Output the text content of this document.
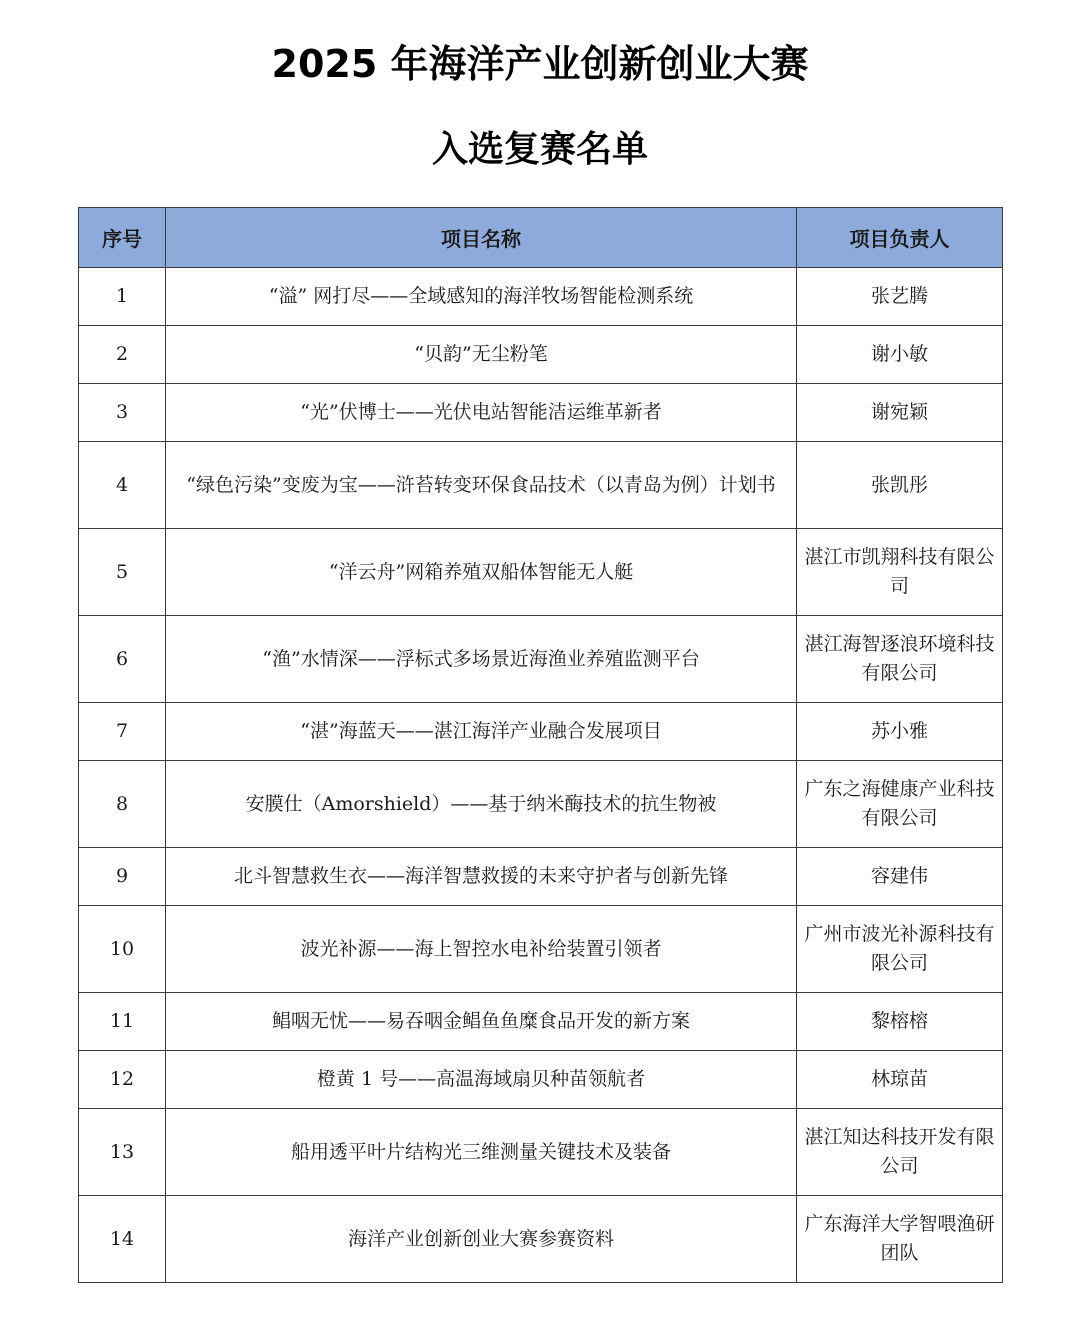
2025 年海洋产业创新创业大赛
入选复赛名单
序号	项目名称	项目负责人
1	“溢” 网打尽——全域感知的海洋牧场智能检测系统	张艺腾
2	“贝韵”无尘粉笔	谢小敏
3	“光”伏博士——光伏电站智能洁运维革新者	谢宛颖
4	“绿色污染”变废为宝——浒苔转变环保食品技术（以青岛为例）计划书	张凯彤
5	“洋云舟”网箱养殖双船体智能无人艇	湛江市凯翔科技有限公司
6	“渔”水情深——浮标式多场景近海渔业养殖监测平台	湛江海智逐浪环境科技有限公司
7	“湛”海蓝天——湛江海洋产业融合发展项目	苏小雅
8	安膜仕（Amorshield）——基于纳米酶技术的抗生物被	广东之海健康产业科技有限公司
9	北斗智慧救生衣——海洋智慧救援的未来守护者与创新先锋	容建伟
10	波光补源——海上智控水电补给装置引领者	广州市波光补源科技有限公司
11	鲳咽无忧——易吞咽金鲳鱼鱼糜食品开发的新方案	黎榕榕
12	橙黄 1 号——高温海域扇贝种苗领航者	林琼苗
13	船用透平叶片结构光三维测量关键技术及装备	湛江知达科技开发有限公司
14	海洋产业创新创业大赛参赛资料	广东海洋大学智喂渔研团队
